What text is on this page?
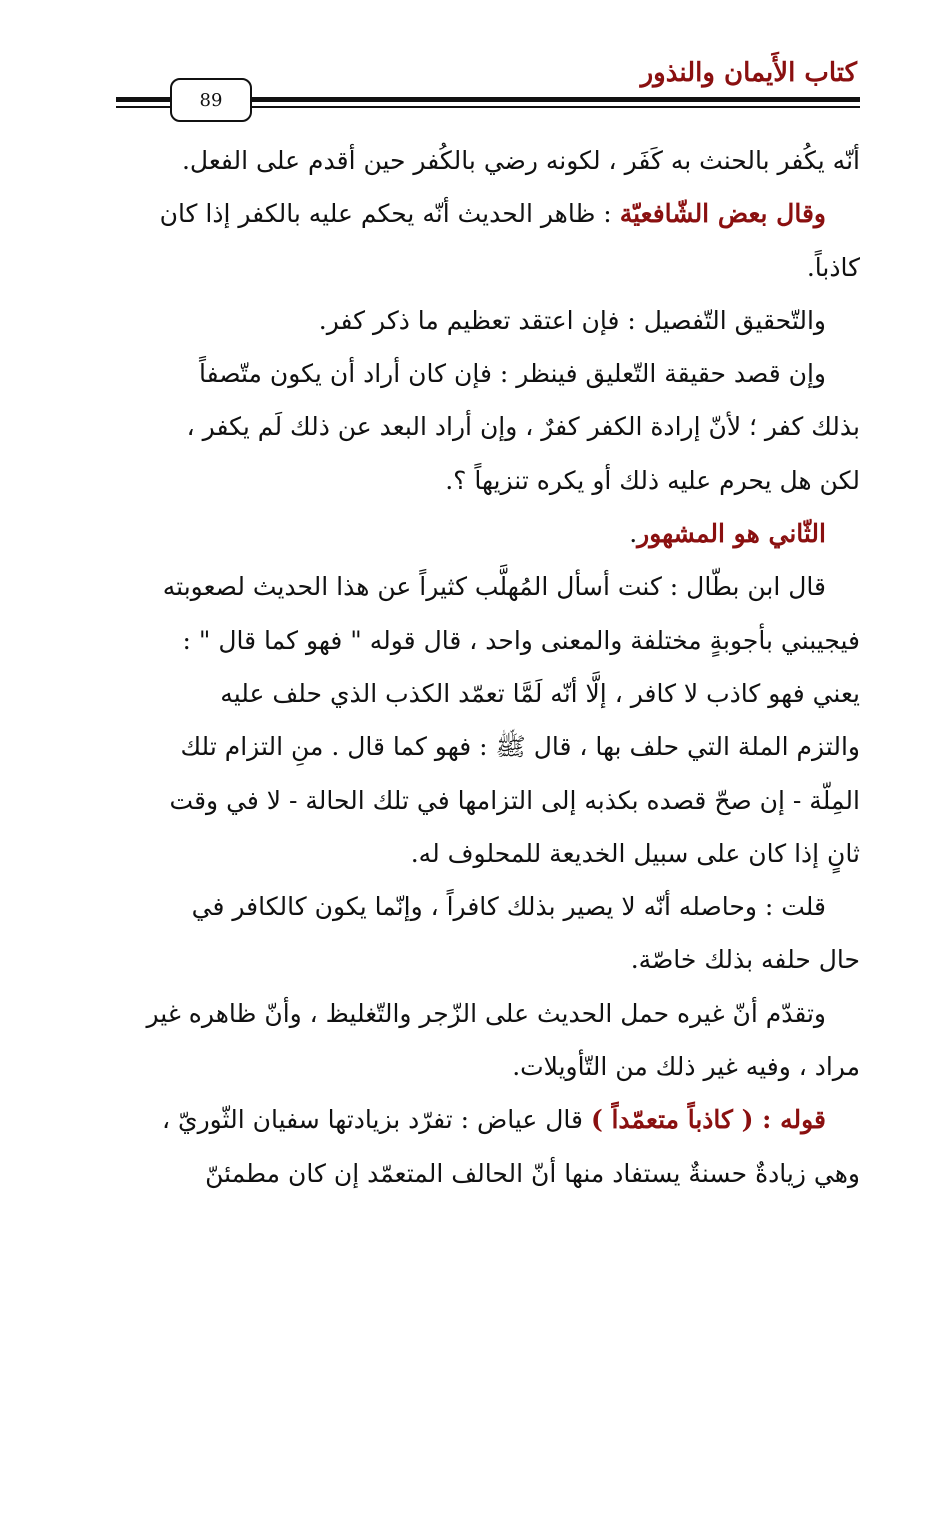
كتاب الأَيمان والنذور
89
أنّه يكُفر بالحنث به كَفَر ، لكونه رضي بالكُفر حين أقدم على الفعل.
وقال بعض الشّافعيّة : ظاهر الحديث أنّه يحكم عليه بالكفر إذا كان
كاذباً.
والتّحقيق التّفصيل : فإن اعتقد تعظيم ما ذكر كفر.
وإن قصد حقيقة التّعليق فينظر : فإن كان أراد أن يكون متّصفاً
بذلك كفر ؛ لأنّ إرادة الكفر كفرٌ ، وإن أراد البعد عن ذلك لَم يكفر ،
لكن هل يحرم عليه ذلك أو يكره تنزيهاً ؟.
الثّاني هو المشهور.
قال ابن بطّال : كنت أسأل المُهلَّب كثيراً عن هذا الحديث لصعوبته
فيجيبني بأجوبةٍ مختلفة والمعنى واحد ، قال قوله " فهو كما قال " :
يعني فهو كاذب لا كافر ، إلَّا أنّه لَمَّا تعمّد الكذب الذي حلف عليه
والتزم الملة التي حلف بها ، قال ﷺ : فهو كما قال . منِ التزام تلك
المِلّة - إن صحّ قصده بكذبه إلى التزامها في تلك الحالة - لا في وقت
ثانٍ إذا كان على سبيل الخديعة للمحلوف له.
قلت : وحاصله أنّه لا يصير بذلك كافراً ، وإنّما يكون كالكافر في
حال حلفه بذلك خاصّة.
وتقدّم أنّ غيره حمل الحديث على الزّجر والتّغليظ ، وأنّ ظاهره غير
مراد ، وفيه غير ذلك من التّأويلات.
قوله : ( كاذباً متعمّداً ) قال عياض : تفرّد بزيادتها سفيان الثّوريّ ،
وهي زيادةٌ حسنةٌ يستفاد منها أنّ الحالف المتعمّد إن كان مطمئنّ
